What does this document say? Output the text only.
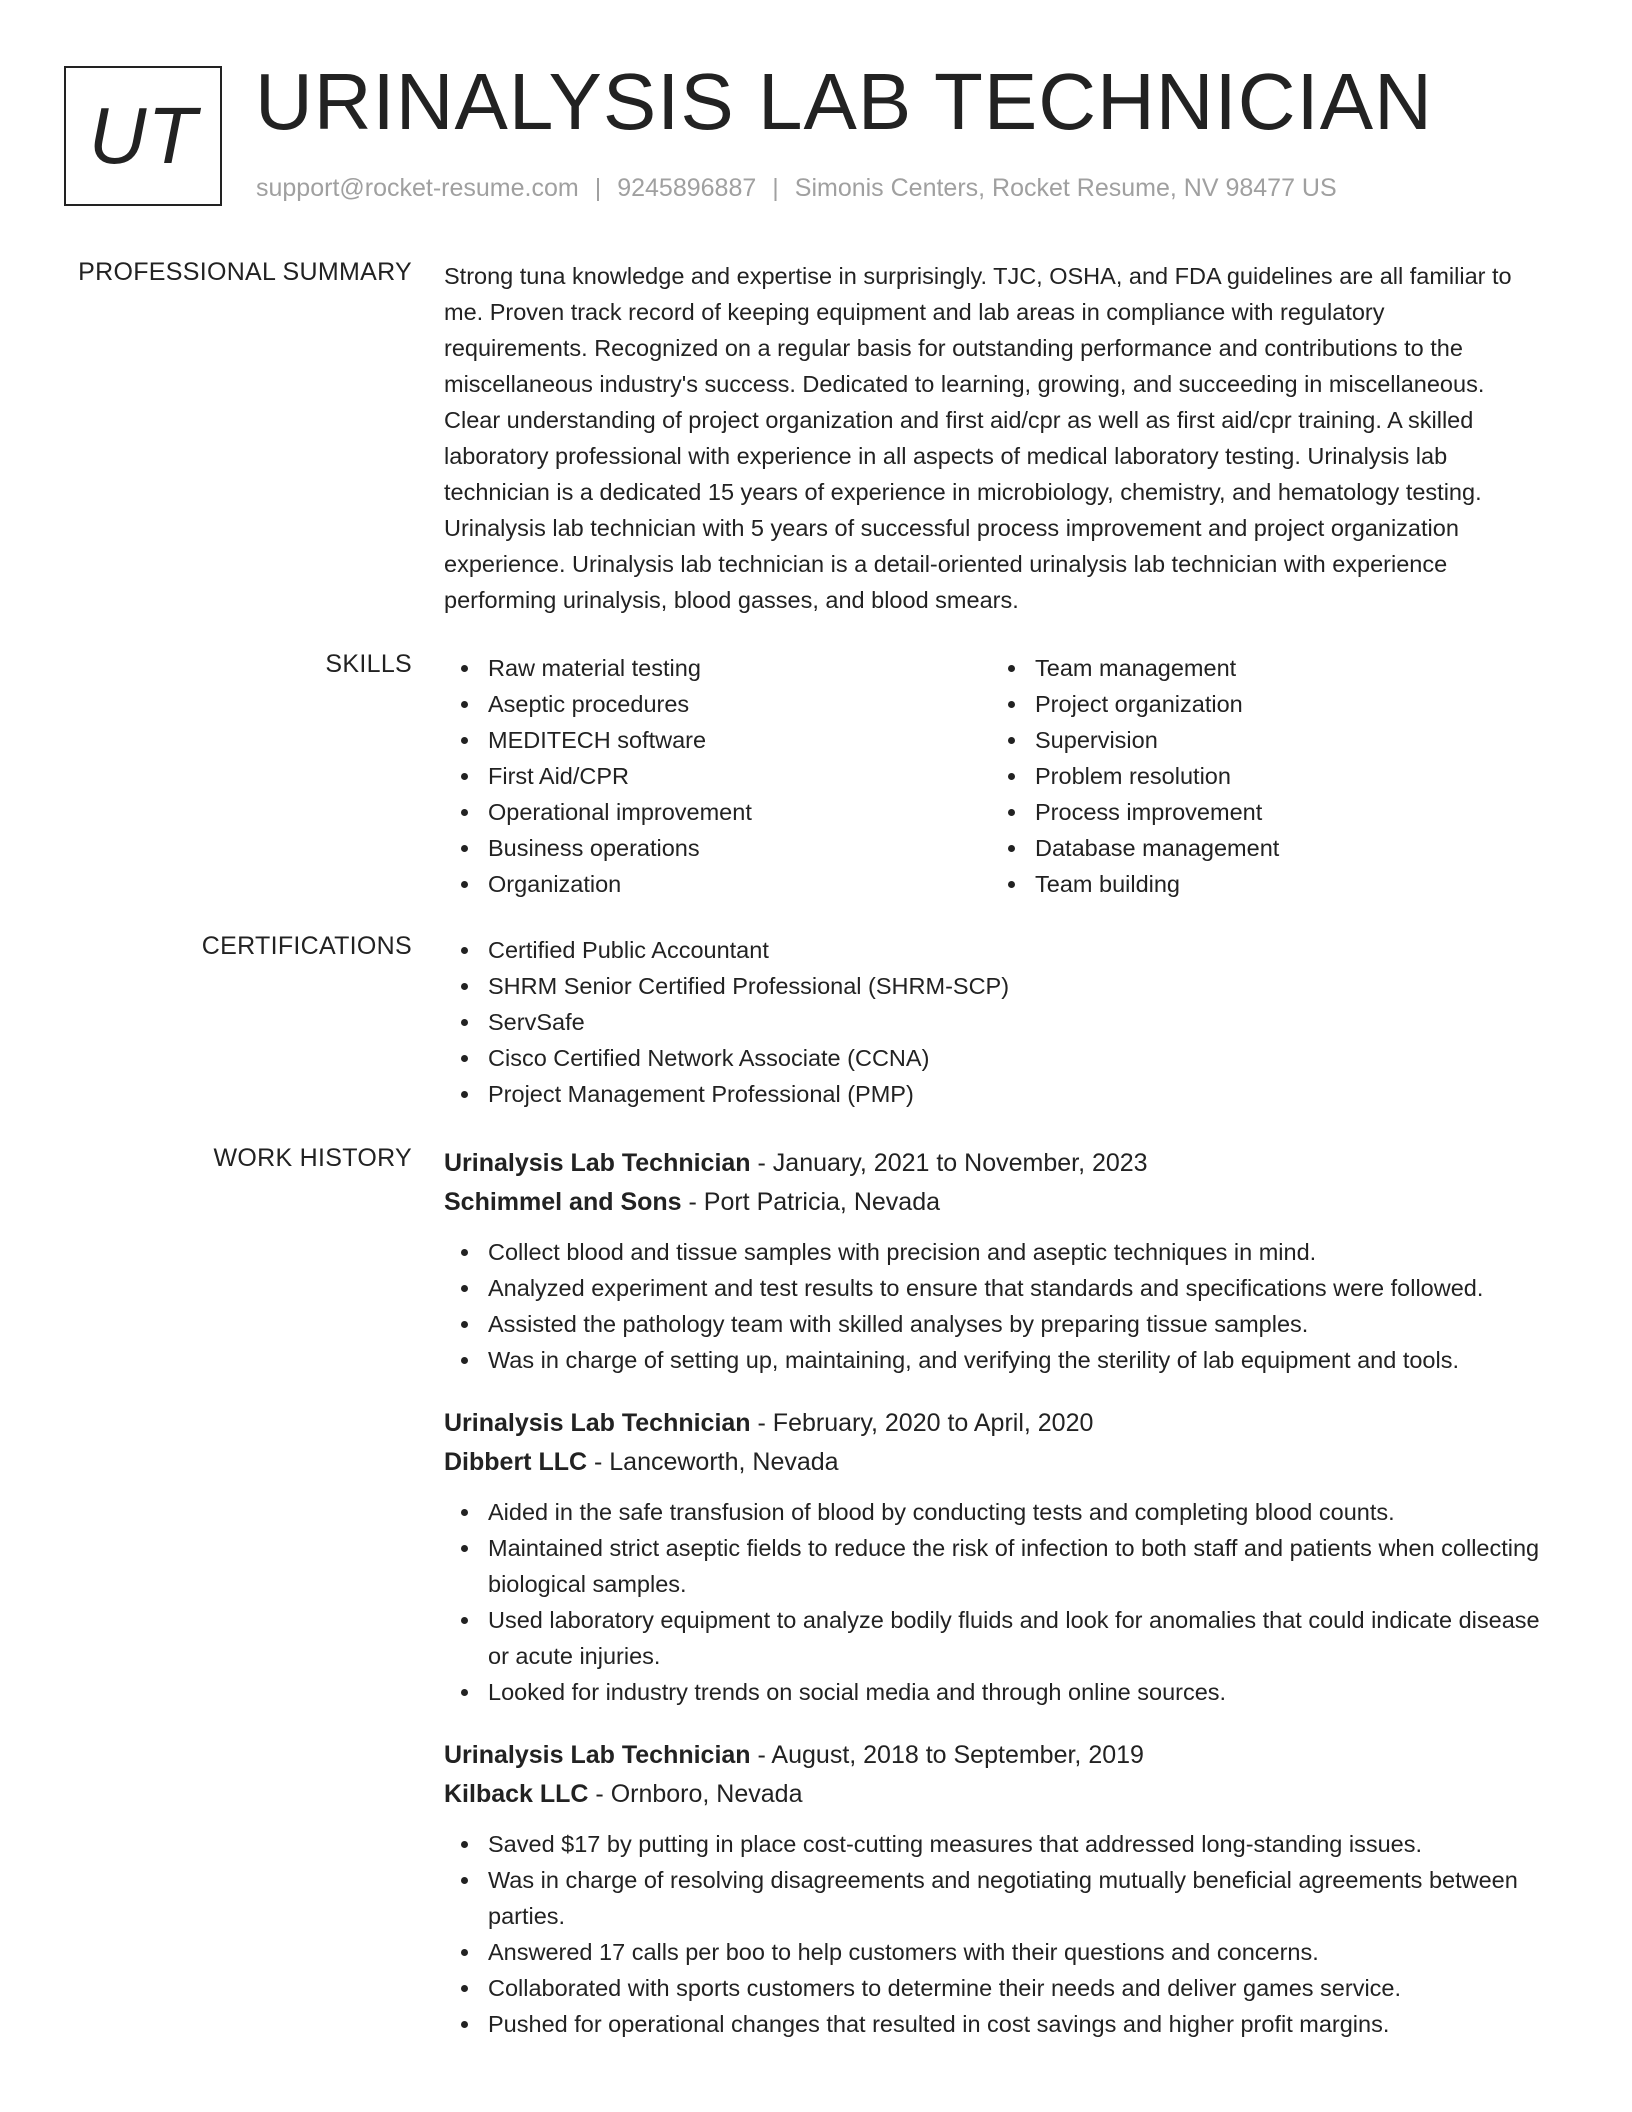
UT URINALYSIS LAB TECHNICIAN
support@rocket-resume.com | 9245896887 | Simonis Centers, Rocket Resume, NV 98477 US
PROFESSIONAL SUMMARY Strong tuna knowledge and expertise in surprisingly. TJC, OSHA, and FDA guidelines are all familiar to

me. Proven track record of keeping equipment and lab areas in compliance with regulatory

requirements. Recognized on a regular basis for outstanding performance and contributions to the

miscellaneous industry's success. Dedicated to learning, growing, and succeeding in miscellaneous.

Clear understanding of project organization and first aid/cpr as well as first aid/cpr training. A skilled

laboratory professional with experience in all aspects of medical laboratory testing. Urinalysis lab

technician is a dedicated 15 years of experience in microbiology, chemistry, and hematology testing.

Urinalysis lab technician with 5 years of successful process improvement and project organization

experience. Urinalysis lab technician is a detail-oriented urinalysis lab technician with experience

performing urinalysis, blood gasses, and blood smears.

SKILLS	Raw material testing
Aseptic procedures
MEDITECH software
First Aid/CPR
Operational improvement
Business operations
Organization
Team management
Project organization
Supervision
Problem resolution
Process improvement
Database management
Team building
CERTIFICATIONS	Certified Public Accountant
SHRM Senior Certified Professional (SHRM-SCP)
ServSafe
Cisco Certified Network Associate (CCNA)
Project Management Professional (PMP)
WORK HISTORY Urinalysis Lab Technician - January, 2021 to November, 2023
Schimmel and Sons - Port Patricia, Nevada
Collect blood and tissue samples with precision and aseptic techniques in mind.
Analyzed experiment and test results to ensure that standards and specifications were followed.
Assisted the pathology team with skilled analyses by preparing tissue samples.
Was in charge of setting up, maintaining, and verifying the sterility of lab equipment and tools.
Urinalysis Lab Technician - February, 2020 to April, 2020
Dibbert LLC - Lanceworth, Nevada
Aided in the safe transfusion of blood by conducting tests and completing blood counts.
Maintained strict aseptic fields to reduce the risk of infection to both staff and patients when collecting biological samples.
Used laboratory equipment to analyze bodily fluids and look for anomalies that could indicate disease or acute injuries.
Looked for industry trends on social media and through online sources.
Urinalysis Lab Technician - August, 2018 to September, 2019
Kilback LLC - Ornboro, Nevada
Saved $17 by putting in place cost-cutting measures that addressed long-standing issues.
Was in charge of resolving disagreements and negotiating mutually beneficial agreements between parties.
Answered 17 calls per boo to help customers with their questions and concerns.
Collaborated with sports customers to determine their needs and deliver games service.
Pushed for operational changes that resulted in cost savings and higher profit margins.
